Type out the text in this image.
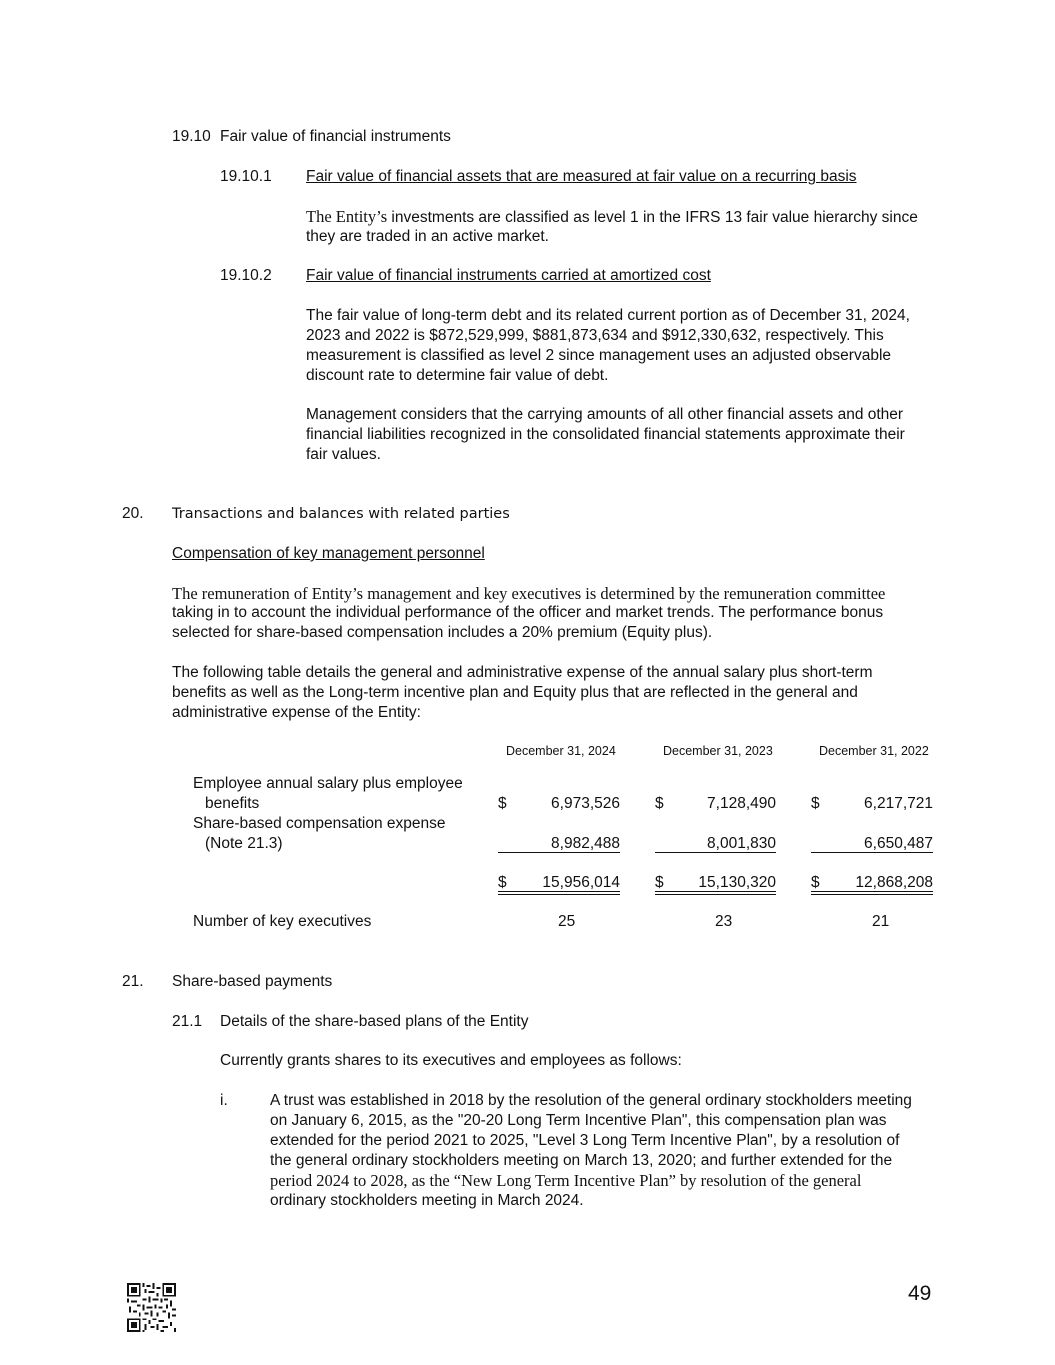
19.10 Fair value of financial instruments
19.10.1 Fair value of financial assets that are measured at fair value on a recurring basis
The Entity’s investments are classified as level 1 in the IFRS 13 fair value hierarchy since
they are traded in an active market.
19.10.2 Fair value of financial instruments carried at amortized cost
The fair value of long-term debt and its related current portion as of December 31, 2024,
2023 and 2022 is $872,529,999, $881,873,634 and $912,330,632, respectively. This
measurement is classified as level 2 since management uses an adjusted observable
discount rate to determine fair value of debt.
Management considers that the carrying amounts of all other financial assets and other
financial liabilities recognized in the consolidated financial statements approximate their
fair values.
20. Transactions and balances with related parties
Compensation of key management personnel
The remuneration of Entity’s management and key executives is determined by the remuneration committee
taking in to account the individual performance of the officer and market trends. The performance bonus
selected for share-based compensation includes a 20% premium (Equity plus).
The following table details the general and administrative expense of the annual salary plus short-term
benefits as well as the Long-term incentive plan and Equity plus that are reflected in the general and
administrative expense of the Entity:
December 31, 2024	December 31, 2023	December 31, 2022
Employee annual salary plus employee
benefits	$	6,973,526 $	7,128,490 $	6,217,721
Share-based compensation expense
(Note 21.3)	8,982,488	8,001,830	6,650,487
$	15,956,014 $	15,130,320 $	12,868,208
Number of key executives	25	23	21
21. Share-based payments
21.1 Details of the share-based plans of the Entity
Currently grants shares to its executives and employees as follows:
i.	A trust was established in 2018 by the resolution of the general ordinary stockholders meeting
on January 6, 2015, as the "20-20 Long Term Incentive Plan", this compensation plan was
extended for the period 2021 to 2025, "Level 3 Long Term Incentive Plan", by a resolution of
the general ordinary stockholders meeting on March 13, 2020; and further extended for the
period 2024 to 2028, as the “New Long Term Incentive Plan” by resolution of the general
ordinary stockholders meeting in March 2024.
49
